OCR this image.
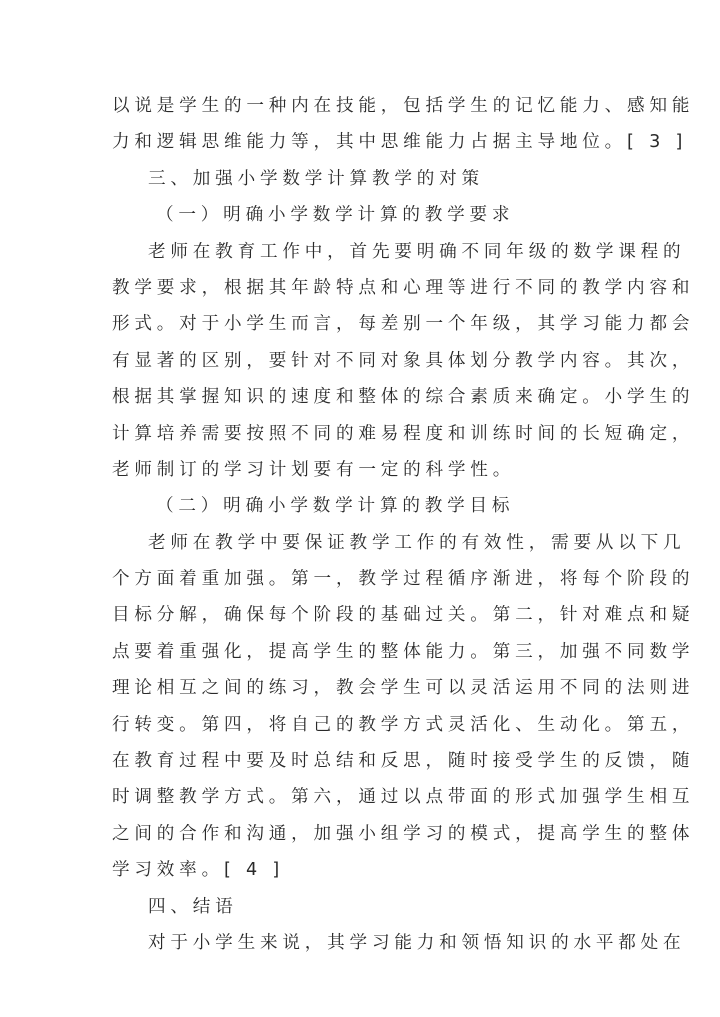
以说是学生的一种内在技能，包括学生的记忆能力、感知能
力和逻辑思维能力等，其中思维能力占据主导地位。[ 3 ]
三、加强小学数学计算教学的对策
（一）明确小学数学计算的教学要求
老师在教育工作中，首先要明确不同年级的数学课程的
教学要求，根据其年龄特点和心理等进行不同的教学内容和
形式。对于小学生而言，每差别一个年级，其学习能力都会
有显著的区别，要针对不同对象具体划分教学内容。其次，
根据其掌握知识的速度和整体的综合素质来确定。小学生的
计算培养需要按照不同的难易程度和训练时间的长短确定，
老师制订的学习计划要有一定的科学性。
（二）明确小学数学计算的教学目标
老师在教学中要保证教学工作的有效性，需要从以下几
个方面着重加强。第一，教学过程循序渐进，将每个阶段的
目标分解，确保每个阶段的基础过关。第二，针对难点和疑
点要着重强化，提高学生的整体能力。第三，加强不同数学
理论相互之间的练习，教会学生可以灵活运用不同的法则进
行转变。第四，将自己的教学方式灵活化、生动化。第五，
在教育过程中要及时总结和反思，随时接受学生的反馈，随
时调整教学方式。第六，通过以点带面的形式加强学生相互
之间的合作和沟通，加强小组学习的模式，提高学生的整体
学习效率。[ 4 ]
四、结语
对于小学生来说，其学习能力和领悟知识的水平都处在
